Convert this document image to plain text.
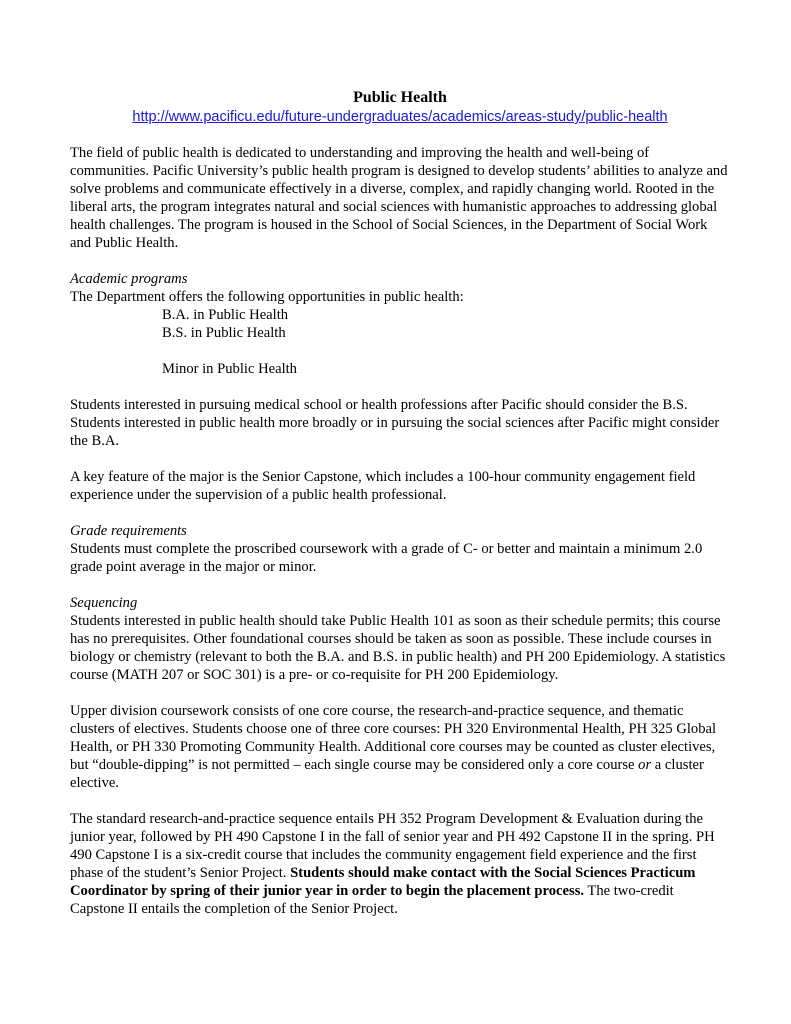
Public Health
http://www.pacificu.edu/future-undergraduates/academics/areas-study/public-health

The field of public health is dedicated to understanding and improving the health and well-being of communities. Pacific University’s public health program is designed to develop students’ abilities to analyze and solve problems and communicate effectively in a diverse, complex, and rapidly changing world. Rooted in the liberal arts, the program integrates natural and social sciences with humanistic approaches to addressing global health challenges. The program is housed in the School of Social Sciences, in the Department of Social Work and Public Health.

Academic programs

The Department offers the following opportunities in public health:

B.A. in Public Health

B.S. in Public Health

Minor in Public Health

Students interested in pursuing medical school or health professions after Pacific should consider the B.S. Students interested in public health more broadly or in pursuing the social sciences after Pacific might consider the B.A.

A key feature of the major is the Senior Capstone, which includes a 100-hour community engagement field experience under the supervision of a public health professional.

Grade requirements

Students must complete the proscribed coursework with a grade of C- or better and maintain a minimum 2.0 grade point average in the major or minor.

Sequencing

Students interested in public health should take Public Health 101 as soon as their schedule permits; this course has no prerequisites. Other foundational courses should be taken as soon as possible. These include courses in biology or chemistry (relevant to both the B.A. and B.S. in public health) and PH 200 Epidemiology. A statistics course (MATH 207 or SOC 301) is a pre- or co-requisite for PH 200 Epidemiology.

Upper division coursework consists of one core course, the research-and-practice sequence, and thematic clusters of electives. Students choose one of three core courses: PH 320 Environmental Health, PH 325 Global Health, or PH 330 Promoting Community Health. Additional core courses may be counted as cluster electives, but “double-dipping” is not permitted – each single course may be considered only a core course or a cluster elective.

The standard research-and-practice sequence entails PH 352 Program Development & Evaluation during the junior year, followed by PH 490 Capstone I in the fall of senior year and PH 492 Capstone II in the spring. PH 490 Capstone I is a six-credit course that includes the community engagement field experience and the first phase of the student’s Senior Project. Students should make contact with the Social Sciences Practicum Coordinator by spring of their junior year in order to begin the placement process. The two-credit Capstone II entails the completion of the Senior Project.
